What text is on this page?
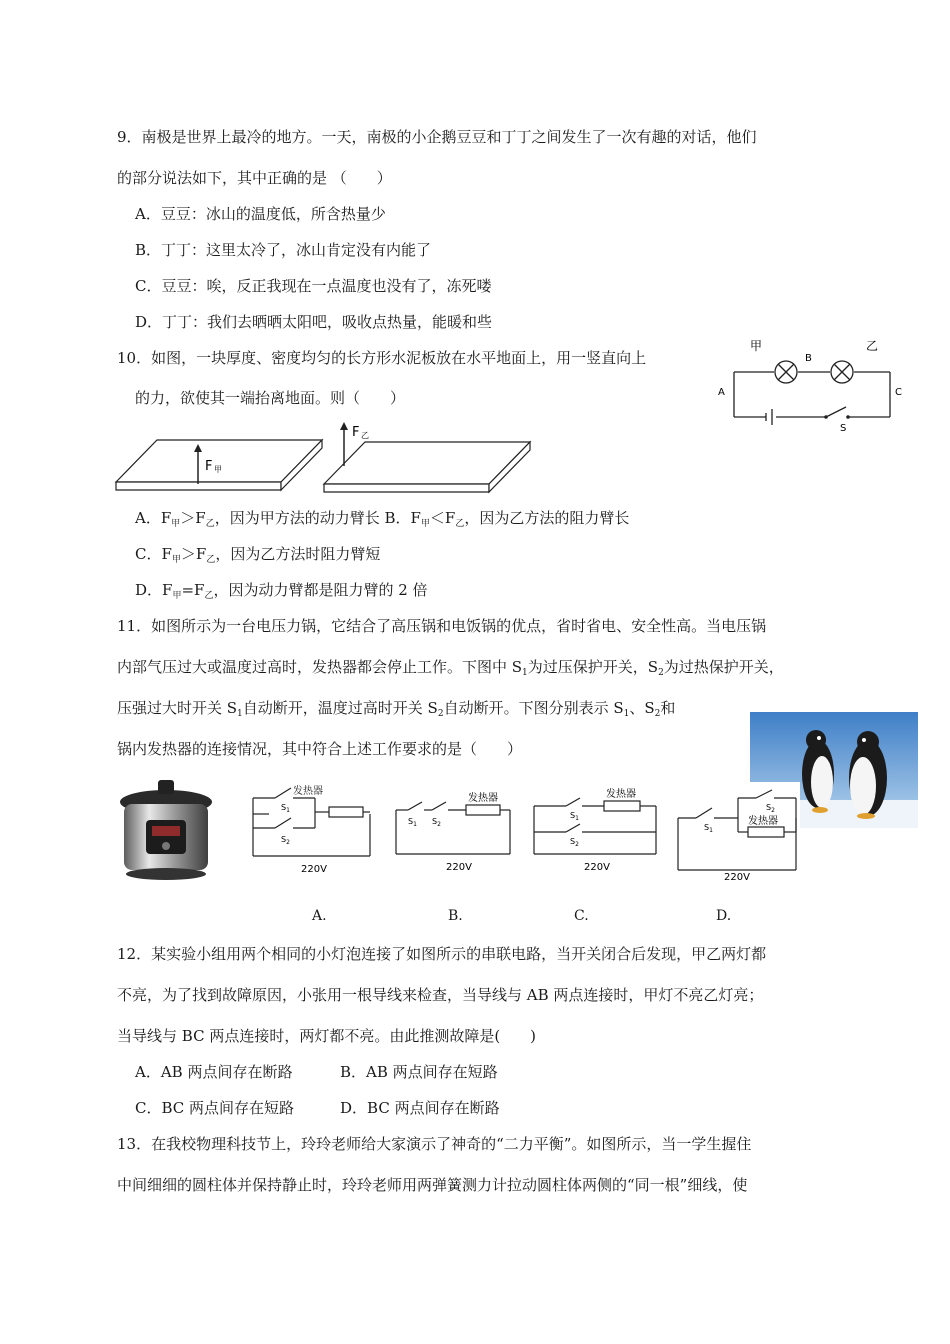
9．南极是世界上最冷的地方。一天，南极的小企鹅豆豆和丁丁之间发生了一次有趣的对话，他们
的部分说法如下，其中正确的是 （　　）
A．豆豆：冰山的温度低，所含热量少
B．丁丁：这里太冷了，冰山肯定没有内能了
C．豆豆：唉，反正我现在一点温度也没有了，冻死喽
D．丁丁：我们去晒晒太阳吧，吸收点热量，能暖和些
10．如图，一块厚度、密度均匀的长方形水泥板放在水平地面上，用一竖直向上
的力，欲使其一端抬离地面。则（　　）
甲	乙
A
B
C
S
F 甲
F 乙
A．$F_甲>F_乙$，因为甲方法的动力臂长 B．$F_甲<F_乙$，因为乙方法的阻力臂长
C．$F_甲>F_乙$，因为乙方法时阻力臂短
D．$F_甲=F_乙$，因为动力臂都是阻力臂的 2 倍
11．如图所示为一台电压力锅，它结合了高压锅和电饭锅的优点，省时省电、安全性高。当电压锅
内部气压过大或温度过高时，发热器都会停止工作。下图中 $S_1$为过压保护开关，$S_2$为过热保护开关，
压强过大时开关 $S_1$自动断开，温度过高时开关 $S_2$自动断开。下图分别表示 $S_1$、$S_2$和
锅内发热器的连接情况，其中符合上述工作要求的是（　　）
发热器
$S_1$
$S_2$
220V
发热器
$S_1$ $S_2$
220V
发热器
$S_1$
$S_2$
220V
$S_2$
$S_1$
发热器
220V
A.	B.	C.	D.
12．某实验小组用两个相同的小灯泡连接了如图所示的串联电路，当开关闭合后发现，甲乙两灯都
不亮，为了找到故障原因，小张用一根导线来检查，当导线与 AB 两点连接时，甲灯不亮乙灯亮；
当导线与 BC 两点连接时，两灯都不亮。由此推测故障是(　　)
A．AB 两点间存在断路	B．AB 两点间存在短路
C．BC 两点间存在短路	D．BC 两点间存在断路
13．在我校物理科技节上，玲玲老师给大家演示了神奇的“二力平衡”。如图所示，当一学生握住
中间细细的圆柱体并保持静止时，玲玲老师用两弹簧测力计拉动圆柱体两侧的“同一根”细线，使
